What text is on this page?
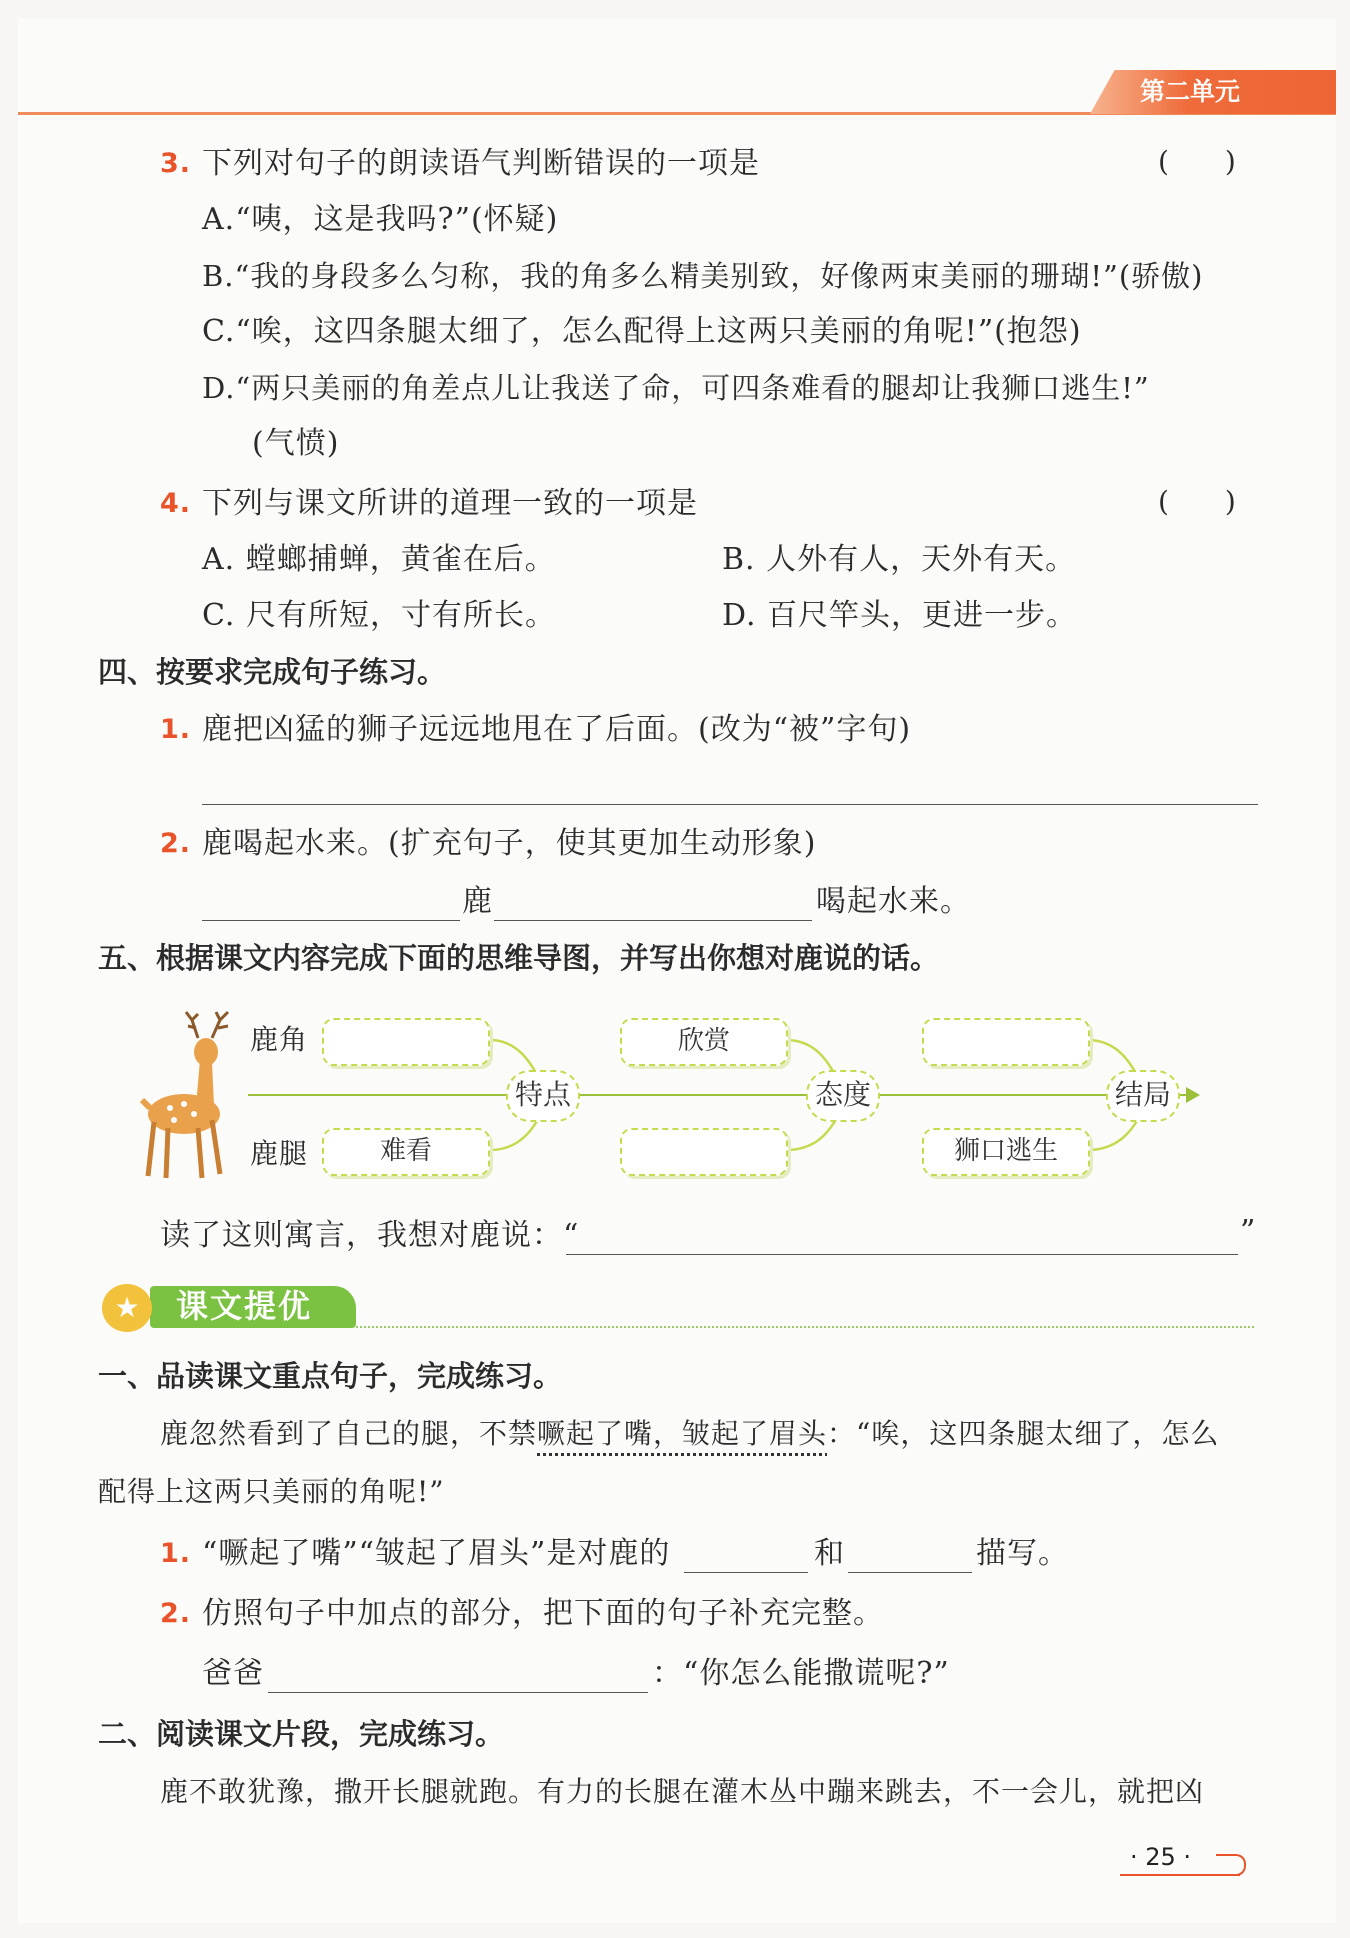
第二单元
3. 下列对句子的朗读语气判断错误的一项是	(　　)
A.“咦，这是我吗?”(怀疑)
B.“我的身段多么匀称，我的角多么精美别致，好像两束美丽的珊瑚!”(骄傲)
C.“唉，这四条腿太细了，怎么配得上这两只美丽的角呢!”(抱怨)
D.“两只美丽的角差点儿让我送了命，可四条难看的腿却让我狮口逃生!”
(气愤)
4. 下列与课文所讲的道理一致的一项是	(　　)
A. 螳螂捕蝉，黄雀在后。	B. 人外有人，天外有天。
C. 尺有所短，寸有所长。	D. 百尺竿头，更进一步。
四、按要求完成句子练习。
1. 鹿把凶猛的狮子远远地甩在了后面。(改为“被”字句)
2. 鹿喝起水来。(扩充句子，使其更加生动形象)
鹿	喝起水来。
五、根据课文内容完成下面的思维导图，并写出你想对鹿说的话。
鹿角
鹿腿	难看
特点
欣赏
态度
狮口逃生
结局
读了这则寓言，我想对鹿说：“	”
★	课文提优
一、品读课文重点句子，完成练习。
鹿忽然看到了自己的腿，不禁噘起了嘴，皱起了眉头：“唉，这四条腿太细了，怎么
配得上这两只美丽的角呢!”
1. “噘起了嘴”“皱起了眉头”是对鹿的	和	描写。
2. 仿照句子中加点的部分，把下面的句子补充完整。
爸爸	：“你怎么能撒谎呢?”
二、阅读课文片段，完成练习。
鹿不敢犹豫，撒开长腿就跑。有力的长腿在灌木丛中蹦来跳去，不一会儿，就把凶
· 25 ·
